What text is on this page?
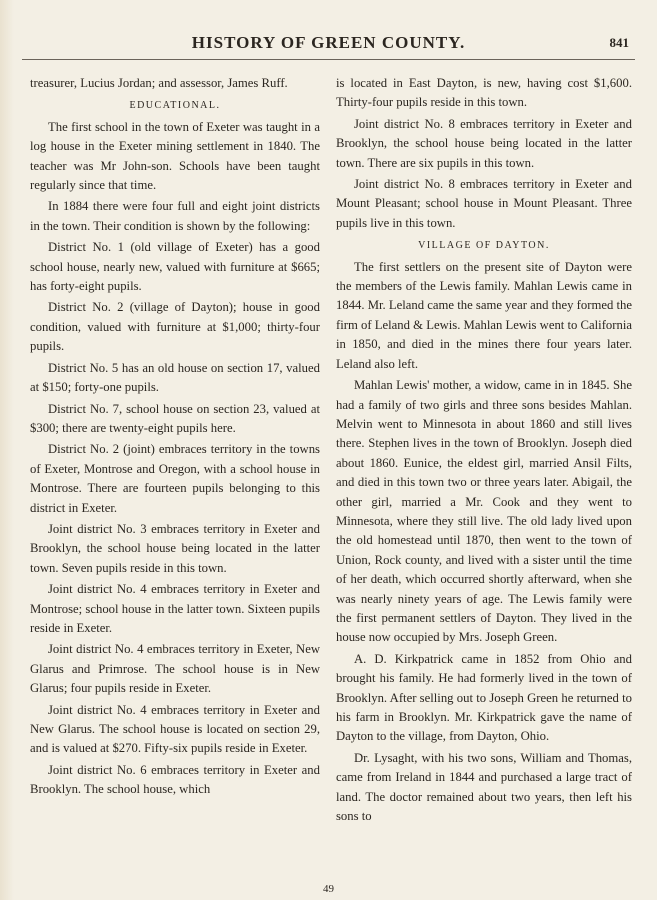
HISTORY OF GREEN COUNTY.	841

treasurer, Lucius Jordan; and assessor, James Ruff.

EDUCATIONAL.

The first school in the town of Exeter was taught in a log house in the Exeter mining settlement in 1840. The teacher was Mr John-son. Schools have been taught regularly since that time.

In 1884 there were four full and eight joint districts in the town. Their condition is shown by the following:

District No. 1 (old village of Exeter) has a good school house, nearly new, valued with furniture at $665; has forty-eight pupils.

District No. 2 (village of Dayton); house in good condition, valued with furniture at $1,000; thirty-four pupils.

District No. 5 has an old house on section 17, valued at $150; forty-one pupils.

District No. 7, school house on section 23, valued at $300; there are twenty-eight pupils here.

District No. 2 (joint) embraces territory in the towns of Exeter, Montrose and Oregon, with a school house in Montrose. There are fourteen pupils belonging to this district in Exeter.

Joint district No. 3 embraces territory in Exeter and Brooklyn, the school house being located in the latter town. Seven pupils reside in this town.

Joint district No. 4 embraces territory in Exeter and Montrose; school house in the latter town. Sixteen pupils reside in Exeter.

Joint district No. 4 embraces territory in Exeter, New Glarus and Primrose. The school house is in New Glarus; four pupils reside in Exeter.

Joint district No. 4 embraces territory in Exeter and New Glarus. The school house is located on section 29, and is valued at $270. Fifty-six pupils reside in Exeter.

Joint district No. 6 embraces territory in Exeter and Brooklyn. The school house, which

is located in East Dayton, is new, having cost $1,600. Thirty-four pupils reside in this town.

Joint district No. 8 embraces territory in Exeter and Brooklyn, the school house being located in the latter town. There are six pupils in this town.

Joint district No. 8 embraces territory in Exeter and Mount Pleasant; school house in Mount Pleasant. Three pupils live in this town.

VILLAGE OF DAYTON.

The first settlers on the present site of Dayton were the members of the Lewis family. Mahlan Lewis came in 1844. Mr. Leland came the same year and they formed the firm of Leland & Lewis. Mahlan Lewis went to California in 1850, and died in the mines there four years later. Leland also left.

Mahlan Lewis' mother, a widow, came in in 1845. She had a family of two girls and three sons besides Mahlan. Melvin went to Minnesota in about 1860 and still lives there. Stephen lives in the town of Brooklyn. Joseph died about 1860. Eunice, the eldest girl, married Ansil Filts, and died in this town two or three years later. Abigail, the other girl, married a Mr. Cook and they went to Minnesota, where they still live. The old lady lived upon the old homestead until 1870, then went to the town of Union, Rock county, and lived with a sister until the time of her death, which occurred shortly afterward, when she was nearly ninety years of age. The Lewis family were the first permanent settlers of Dayton. They lived in the house now occupied by Mrs. Joseph Green.

A. D. Kirkpatrick came in 1852 from Ohio and brought his family. He had formerly lived in the town of Brooklyn. After selling out to Joseph Green he returned to his farm in Brooklyn. Mr. Kirkpatrick gave the name of Dayton to the village, from Dayton, Ohio.

Dr. Lysaght, with his two sons, William and Thomas, came from Ireland in 1844 and purchased a large tract of land. The doctor remained about two years, then left his sons to

49
